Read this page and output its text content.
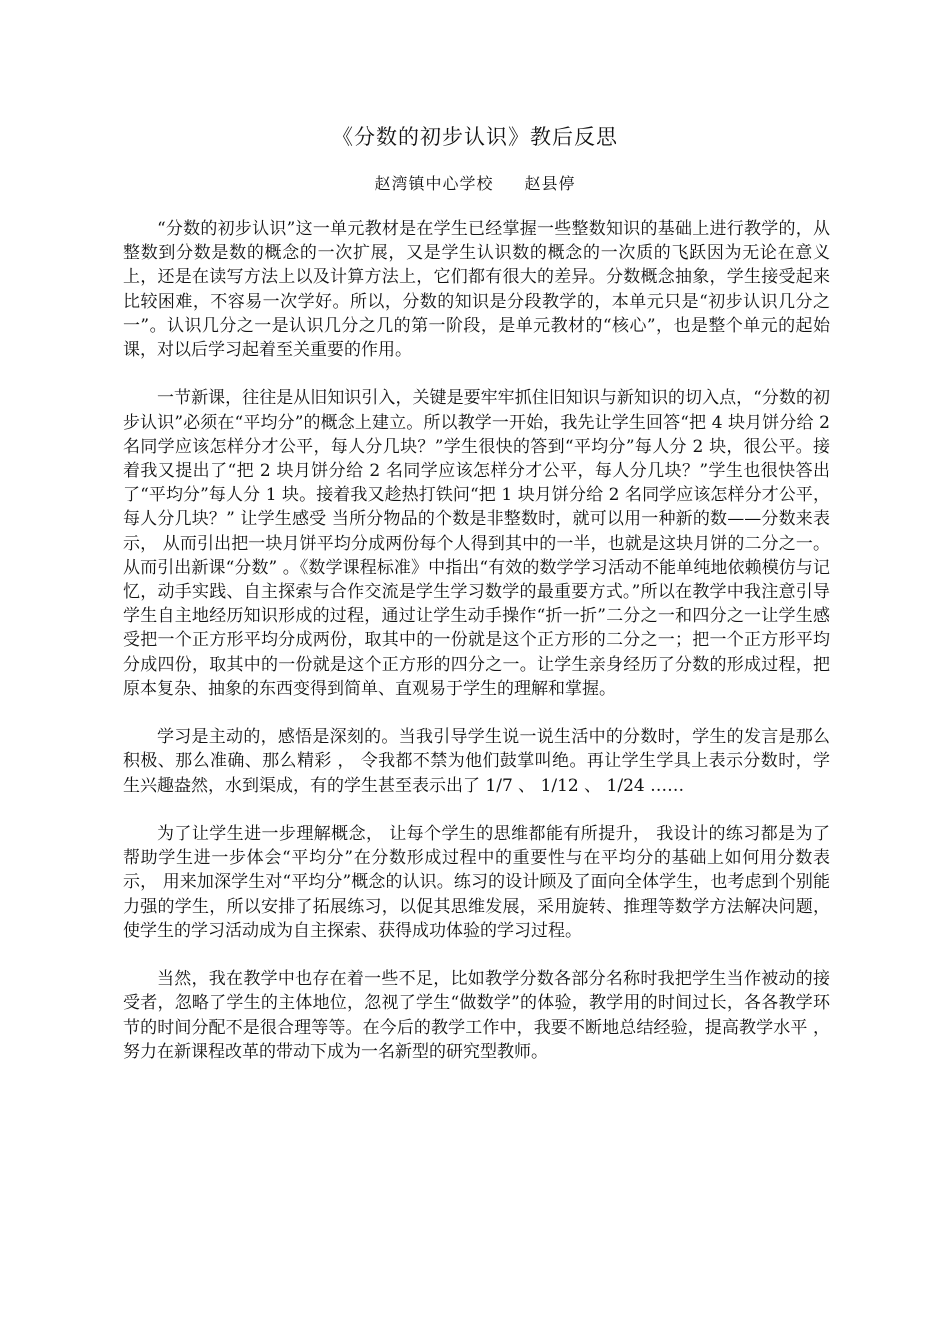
《分数的初步认识》教后反思
赵湾镇中心学校 赵县停

“分数的初步认识”这一单元教材是在学生已经掌握一些整数知识的基础上进行教学的，从整数到分数是数的概念的一次扩展，又是学生认识数的概念的一次质的飞跃因为无论在意义上，还是在读写方法上以及计算方法上，它们都有很大的差异。分数概念抽象，学生接受起来比较困难，不容易一次学好。所以，分数的知识是分段教学的，本单元只是“初步认识几分之一”。认识几分之一是认识几分之几的第一阶段，是单元教材的“核心”，也是整个单元的起始课，对以后学习起着至关重要的作用。

一节新课，往往是从旧知识引入，关键是要牢牢抓住旧知识与新知识的切入点，“分数的初步认识”必须在“平均分”的概念上建立。所以教学一开始，我先让学生回答“把 4 块月饼分给 2 名同学应该怎样分才公平，每人分几块？”学生很快的答到“平均分”每人分 2 块，很公平。接着我又提出了“把 2 块月饼分给 2 名同学应该怎样分才公平，每人分几块？”学生也很快答出了“平均分”每人分 1 块。接着我又趁热打铁问“把 1 块月饼分给 2 名同学应该怎样分才公平，每人分几块？” 让学生感受 当所分物品的个数是非整数时，就可以用一种新的数——分数来表示， 从而引出把一块月饼平均分成两份每个人得到其中的一半，也就是这块月饼的二分之一。从而引出新课“分数” 。《数学课程标准》中指出“有效的数学学习活动不能单纯地依赖模仿与记忆，动手实践、自主探索与合作交流是学生学习数学的最重要方式。”所以在教学中我注意引导学生自主地经历知识形成的过程，通过让学生动手操作“折一折”二分之一和四分之一让学生感受把一个正方形平均分成两份，取其中的一份就是这个正方形的二分之一；把一个正方形平均分成四份，取其中的一份就是这个正方形的四分之一。让学生亲身经历了分数的形成过程，把原本复杂、抽象的东西变得到简单、直观易于学生的理解和掌握。

学习是主动的，感悟是深刻的。当我引导学生说一说生活中的分数时，学生的发言是那么积极、那么准确、那么精彩 ， 令我都不禁为他们鼓掌叫绝。再让学生学具上表示分数时，学生兴趣盎然，水到渠成，有的学生甚至表示出了 1/7 、 1/12 、 1/24 ……

为了让学生进一步理解概念， 让每个学生的思维都能有所提升， 我设计的练习都是为了帮助学生进一步体会“平均分”在分数形成过程中的重要性与在平均分的基础上如何用分数表示， 用来加深学生对“平均分”概念的认识。练习的设计顾及了面向全体学生，也考虑到个别能力强的学生，所以安排了拓展练习，以促其思维发展，采用旋转、推理等数学方法解决问题，使学生的学习活动成为自主探索、获得成功体验的学习过程。

当然，我在教学中也存在着一些不足，比如教学分数各部分名称时我把学生当作被动的接受者，忽略了学生的主体地位，忽视了学生“做数学”的体验，教学用的时间过长，各各教学环节的时间分配不是很合理等等。在今后的教学工作中，我要不断地总结经验，提高教学水平 ， 努力在新课程改革的带动下成为一名新型的研究型教师。
